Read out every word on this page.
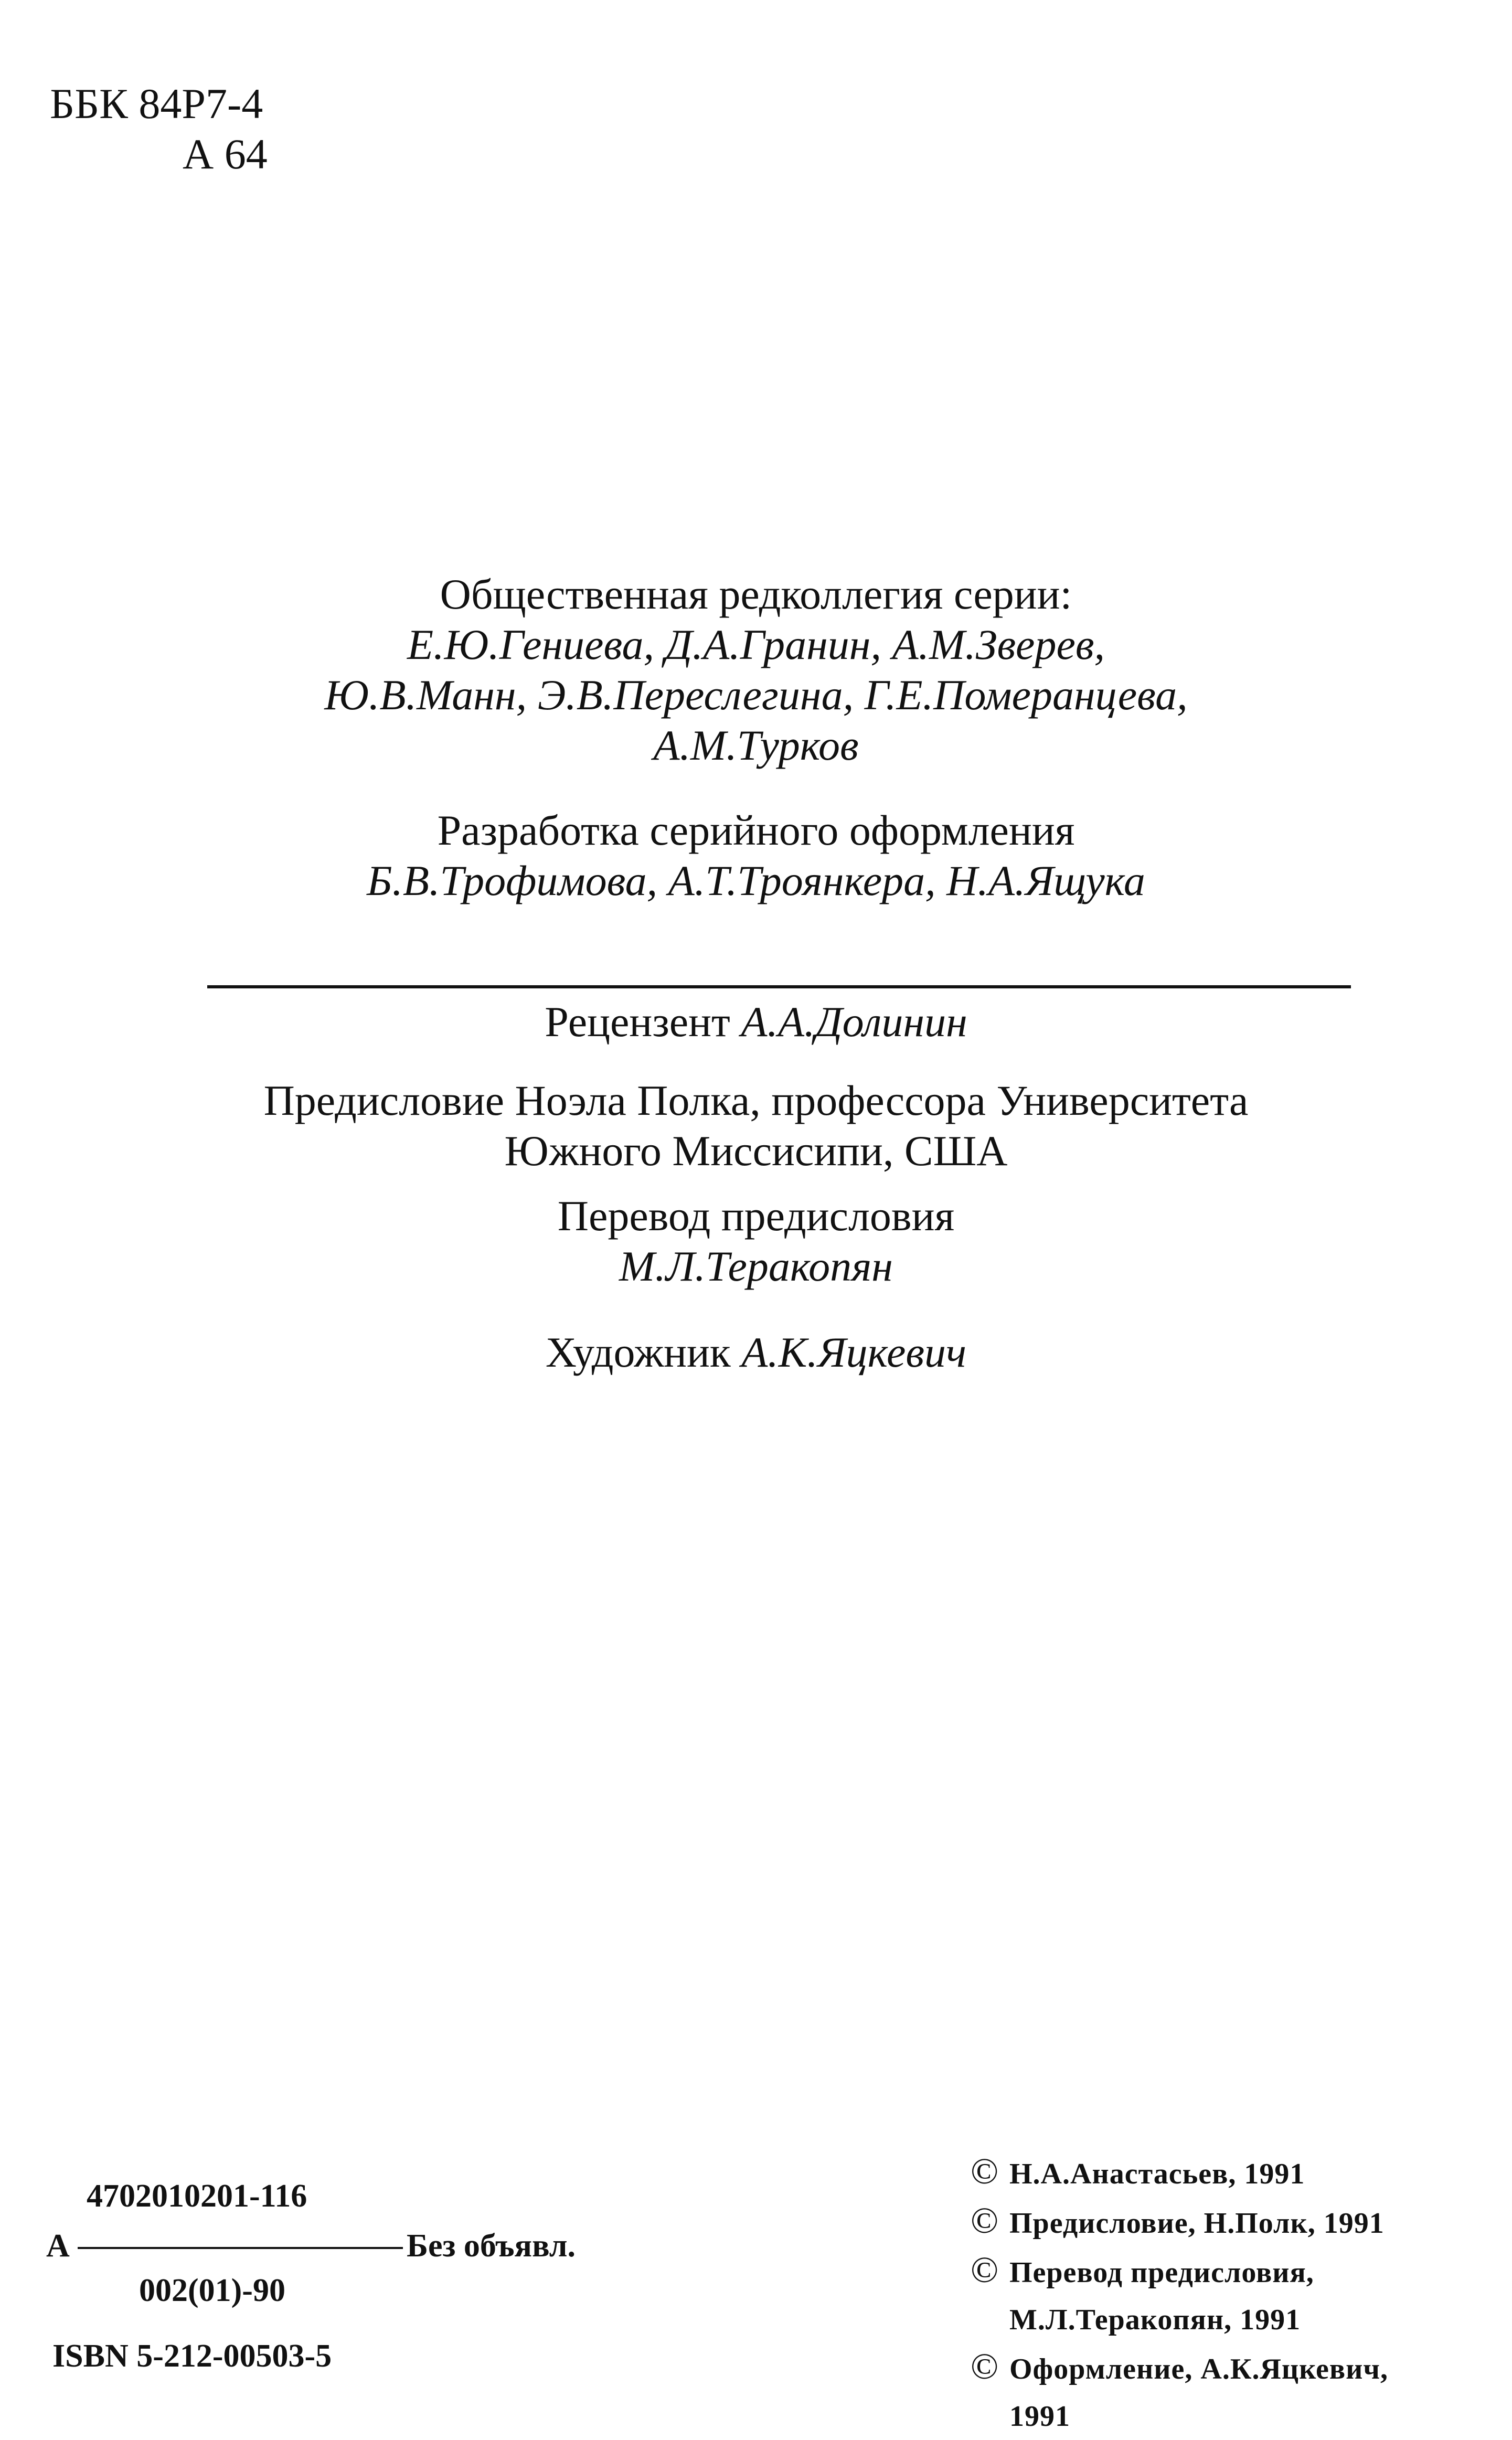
ББК 84Р7-4
А 64
Общественная редколлегия серии:
Е.Ю.Гениева, Д.А.Гранин, А.М.Зверев,
Ю.В.Манн, Э.В.Переслегина, Г.Е.Померанцева,
А.М.Турков
Разработка серийного оформления
Б.В.Трофимова, А.Т.Троянкера, Н.А.Ящука
Рецензент А.А.Долинин
Предисловие Ноэла Полка, профессора Университета
Южного Миссисипи, США
Перевод предисловия
М.Л.Теракопян
Художник А.К.Яцкевич
4702010201-116
А	Без объявл.
002(01)-90
ISBN 5-212-00503-5
© Н.А.Анастасьев, 1991
© Предисловие, Н.Полк, 1991
© Перевод предисловия,
М.Л.Теракопян, 1991
© Оформление, А.К.Яцкевич,
1991
